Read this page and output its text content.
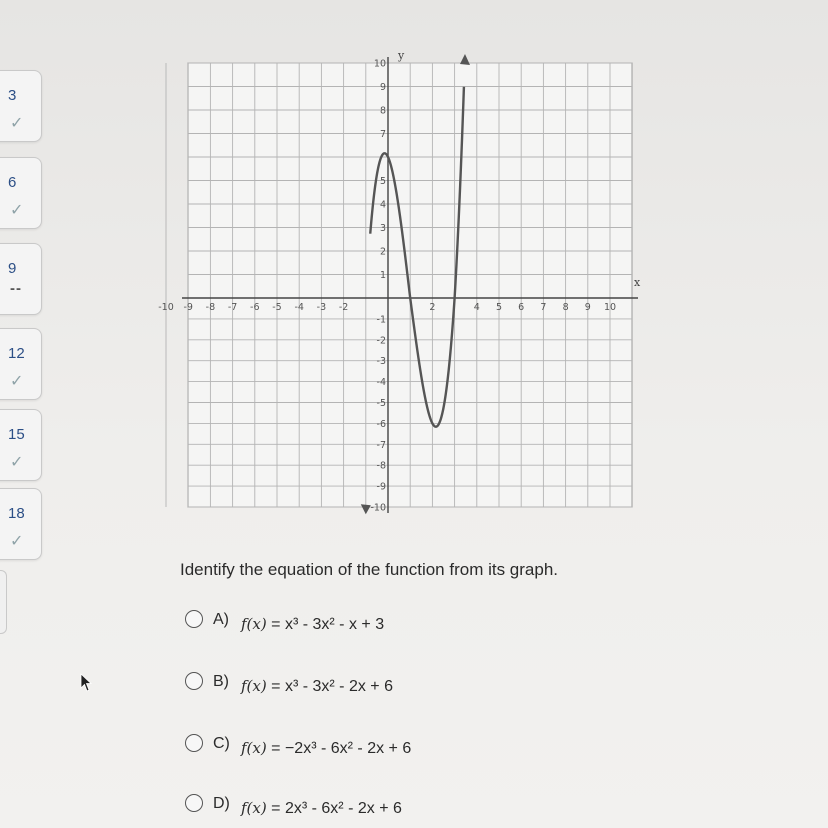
3
✓
6
✓
9
--
12
✓
15
✓
18
✓
x
y
-10 -9 -8 -7 -6 -5 -4 -3 -2	2	4 5 6 7 8 9 10
10
9
8
7
5
4
3
2
1
-1
-2
-3
-4
-5
-6
-7
-8
-9
-10
Identify the equation of the function from its graph.
A) f(x) = x³ - 3x² - x + 3
B) f(x) = x³ - 3x² - 2x + 6
C) f(x) = −2x³ - 6x² - 2x + 6
D) f(x) = 2x³ - 6x² - 2x + 6
